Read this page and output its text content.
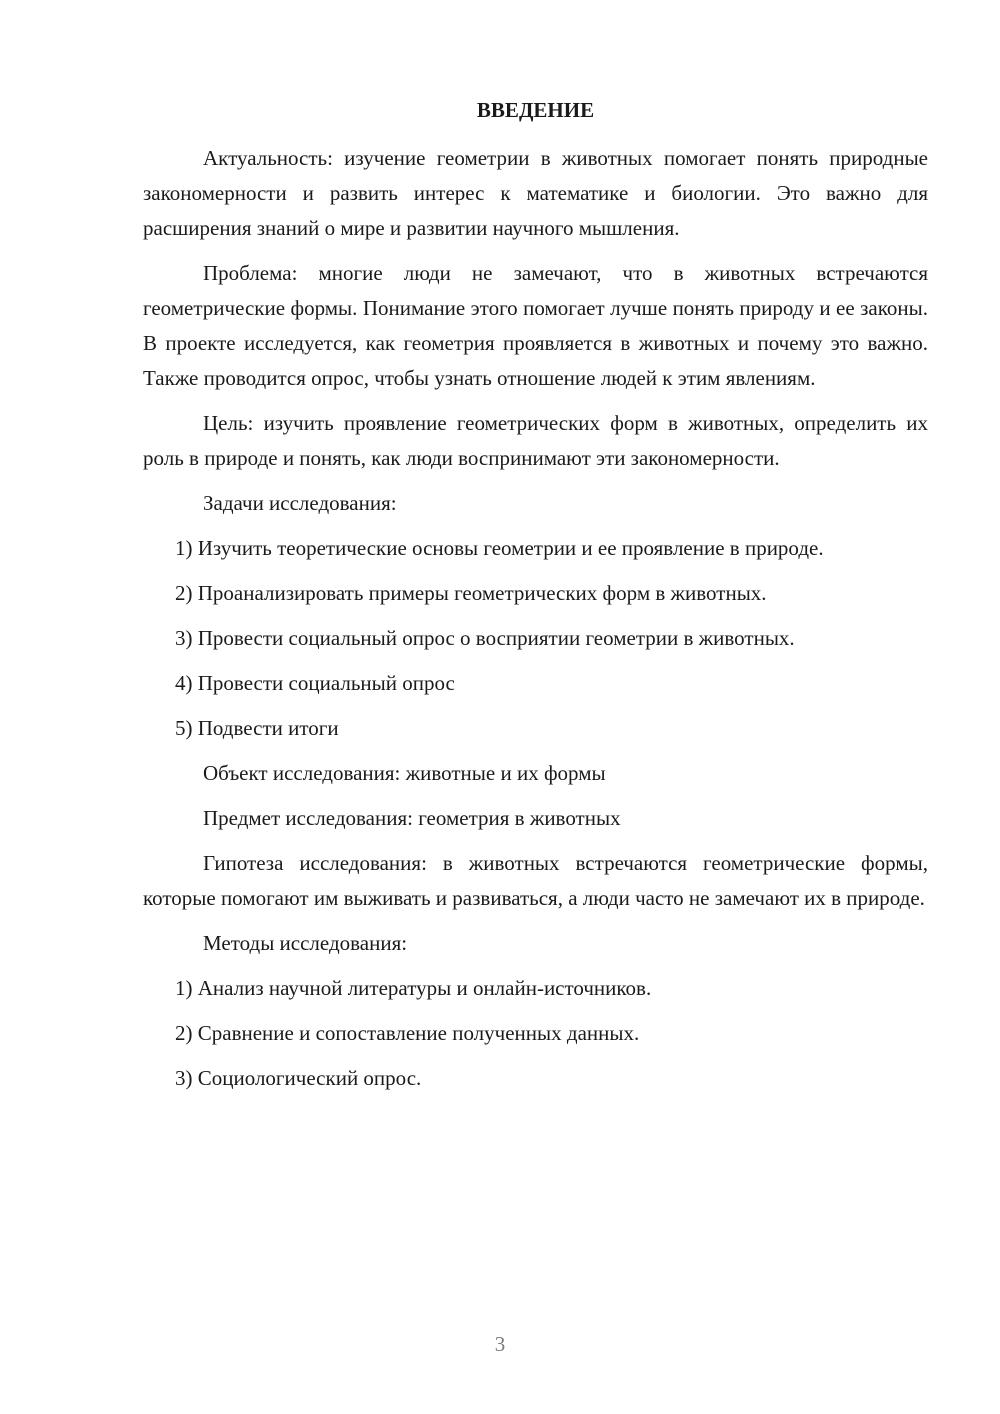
ВВЕДЕНИЕ

Актуальность: изучение геометрии в животных помогает понять природные закономерности и развить интерес к математике и биологии. Это важно для расширения знаний о мире и развитии научного мышления.

Проблема: многие люди не замечают, что в животных встречаются геометрические формы. Понимание этого помогает лучше понять природу и ее законы. В проекте исследуется, как геометрия проявляется в животных и почему это важно. Также проводится опрос, чтобы узнать отношение людей к этим явлениям.

Цель: изучить проявление геометрических форм в животных, определить их роль в природе и понять, как люди воспринимают эти закономерности.

Задачи исследования:

1) Изучить теоретические основы геометрии и ее проявление в природе.

2) Проанализировать примеры геометрических форм в животных.
3) Провести социальный опрос о восприятии геометрии в животных.
4) Провести социальный опрос
5) Подвести итоги
Объект исследования: животные и их формы
Предмет исследования: геометрия в животных

Гипотеза исследования: в животных встречаются геометрические формы, которые помогают им выживать и развиваться, а люди часто не замечают их в природе.

Методы исследования:
1) Анализ научной литературы и онлайн-источников.
2) Сравнение и сопоставление полученных данных.
3) Социологический опрос.
3
